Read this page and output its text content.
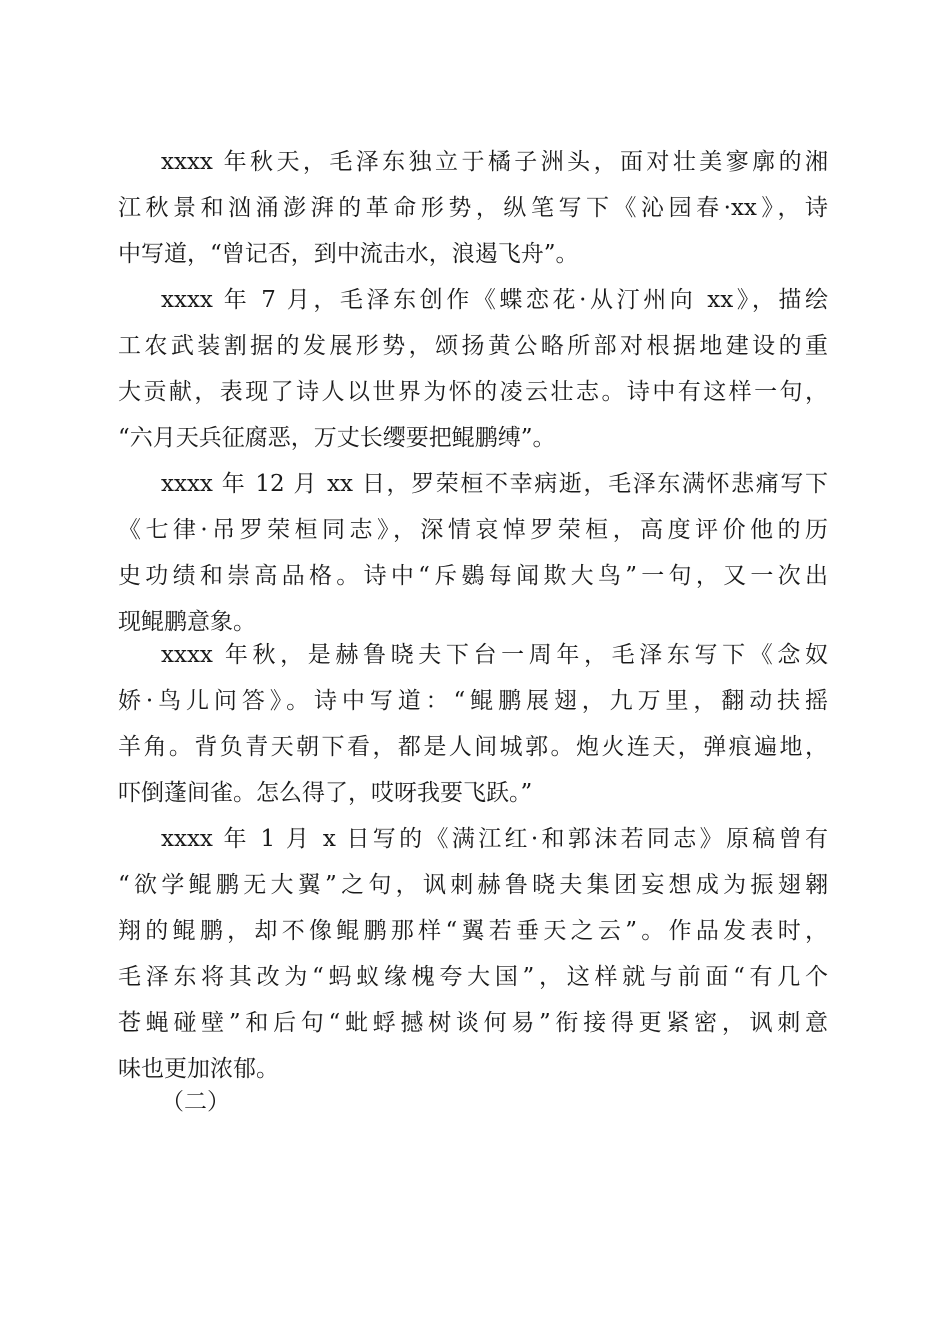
xxxx 年秋天，毛泽东独立于橘子洲头，面对壮美寥廓的湘
江秋景和汹涌澎湃的革命形势，纵笔写下《沁园春·xx》，诗
中写道，“曾记否，到中流击水，浪遏飞舟”。
xxxx 年 7 月，毛泽东创作《蝶恋花·从汀州向 xx》，描绘
工农武装割据的发展形势，颂扬黄公略所部对根据地建设的重
大贡献，表现了诗人以世界为怀的凌云壮志。诗中有这样一句，
“六月天兵征腐恶，万丈长缨要把鲲鹏缚”。
xxxx 年 12 月 xx 日，罗荣桓不幸病逝，毛泽东满怀悲痛写下
《七律·吊罗荣桓同志》，深情哀悼罗荣桓，高度评价他的历
史功绩和崇高品格。诗中“斥鷃每闻欺大鸟”一句，又一次出
现鲲鹏意象。
xxxx 年秋，是赫鲁晓夫下台一周年，毛泽东写下《念奴
娇·鸟儿问答》。诗中写道：“鲲鹏展翅，九万里，翻动扶摇
羊角。背负青天朝下看，都是人间城郭。炮火连天，弹痕遍地，
吓倒蓬间雀。怎么得了，哎呀我要飞跃。”
xxxx 年 1 月 x 日写的《满江红·和郭沫若同志》原稿曾有
“欲学鲲鹏无大翼”之句，讽刺赫鲁晓夫集团妄想成为振翅翱
翔的鲲鹏，却不像鲲鹏那样“翼若垂天之云”。作品发表时，
毛泽东将其改为“蚂蚁缘槐夸大国”，这样就与前面“有几个
苍蝇碰壁”和后句“蚍蜉撼树谈何易”衔接得更紧密，讽刺意
味也更加浓郁。
（二）
